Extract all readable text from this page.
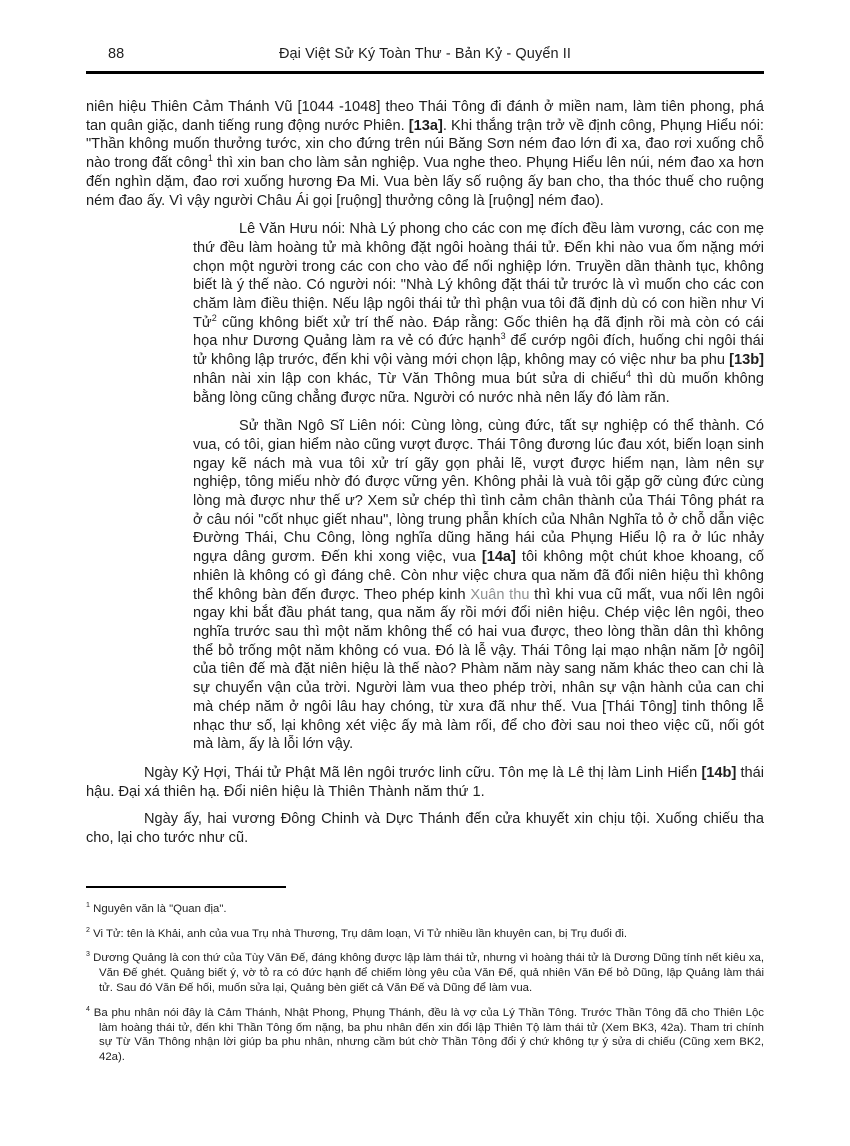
88	Đại Việt Sử Ký Toàn Thư - Bản Kỷ - Quyển II

niên hiệu Thiên Cảm Thánh Vũ [1044 -1048] theo Thái Tông đi đánh ở miền nam, làm tiên phong, phá tan quân giặc, danh tiếng rung động nước Phiên. [13a]. Khi thắng trận trở về định công, Phụng Hiểu nói: "Thần không muốn thưởng tước, xin cho đứng trên núi Băng Sơn ném đao lớn đi xa, đao rơi xuống chỗ nào trong đất công$^1$ thì xin ban cho làm sản nghiệp. Vua nghe theo. Phụng Hiểu lên núi, ném đao xa hơn đến nghìn dặm, đao rơi xuống hương Đa Mi. Vua bèn lấy số ruộng ấy ban cho, tha thóc thuế cho ruộng ném đao ấy. Vì vậy người Châu Ái gọi [ruộng] thưởng công là [ruộng] ném đao).

Lê Văn Hưu nói: Nhà Lý phong cho các con mẹ đích đều làm vương, các con mẹ thứ đều làm hoàng tử mà không đặt ngôi hoàng thái tử. Đến khi nào vua ốm nặng mới chọn một người trong các con cho vào để nối nghiệp lớn. Truyền dần thành tục, không biết là ý thế nào. Có người nói: "Nhà Lý không đặt thái tử trước là vì muốn cho các con chăm làm điều thiện. Nếu lập ngôi thái tử thì phận vua tôi đã định dù có con hiền như Vi Tử$^2$ cũng không biết xử trí thế nào. Đáp rằng: Gốc thiên hạ đã định rồi mà còn có cái họa như Dương Quảng làm ra vẻ có đức hạnh$^3$ để cướp ngôi đích, huống chi ngôi thái tử không lập trước, đến khi vội vàng mới chọn lập, không may có việc như ba phu [13b] nhân nài xin lập con khác, Từ Văn Thông mua bút sửa di chiếu$^4$ thì dù muốn không bằng lòng cũng chẳng được nữa. Người có nước nhà nên lấy đó làm răn.

Sử thần Ngô Sĩ Liên nói: Cùng lòng, cùng đức, tất sự nghiệp có thể thành. Có vua, có tôi, gian hiểm nào cũng vượt được. Thái Tông đương lúc đau xót, biến loạn sinh ngay kẽ nách mà vua tôi xử trí gãy gọn phải lẽ, vượt được hiểm nạn, làm nên sự nghiệp, tông miếu nhờ đó được vững yên. Không phải là vuà tôi gặp gỡ cùng đức cùng lòng mà được như thế ư? Xem sử chép thì tình cảm chân thành của Thái Tông phát ra ở câu nói "cốt nhục giết nhau", lòng trung phẫn khích của Nhân Nghĩa tỏ ở chỗ dẫn việc Đường Thái, Chu Công, lòng nghĩa dũng hăng hái của Phụng Hiểu lộ ra ở lúc nhảy ngựa dâng gươm. Đến khi xong việc, vua [14a] tôi không một chút khoe khoang, cố nhiên là không có gì đáng chê. Còn như việc chưa qua năm đã đổi niên hiệu thì không thể không bàn đến được. Theo phép kinh Xuân thu thì khi vua cũ mất, vua nối lên ngôi ngay khi bắt đầu phát tang, qua năm ấy rồi mới đổi niên hiệu. Chép việc lên ngôi, theo nghĩa trước sau thì một năm không thể có hai vua được, theo lòng thần dân thì không thể bỏ trống một năm không có vua. Đó là lễ vậy. Thái Tông lại mạo nhận năm [ở ngôi] của tiên đế mà đặt niên hiệu là thế nào? Phàm năm này sang năm khác theo can chi là sự chuyển vận của trời. Người làm vua theo phép trời, nhân sự vận hành của can chi mà chép năm ở ngôi lâu hay chóng, từ xưa đã như thế. Vua [Thái Tông] tinh thông lễ nhạc thư số, lại không xét việc ấy mà làm rối, để cho đời sau noi theo việc cũ, nối gót mà làm, ấy là lỗi lớn vậy.

Ngày Kỷ Hợi, Thái tử Phật Mã lên ngôi trước linh cữu. Tôn mẹ là Lê thị làm Linh Hiển [14b] thái hậu. Đại xá thiên hạ. Đổi niên hiệu là Thiên Thành năm thứ 1.

Ngày ấy, hai vương Đông Chinh và Dực Thánh đến cửa khuyết xin chịu tội. Xuống chiếu tha cho, lại cho tước như cũ.

$^1$ Nguyên văn là "Quan địa".

$^2$ Vi Tử: tên là Khải, anh của vua Trụ nhà Thương, Trụ dâm loạn, Vi Tử nhiều lần khuyên can, bị Trụ đuổi đi.

$^3$ Dương Quảng là con thứ của Tùy Văn Đế, đáng không được lập làm thái tử, nhưng vì hoàng thái tử là Dương Dũng tính nết kiêu xa, Văn Đế ghét. Quảng biết ý, vờ tỏ ra có đức hạnh để chiếm lòng yêu của Văn Đế, quả nhiên Văn Đế bỏ Dũng, lập Quảng làm thái tử. Sau đó Văn Đế hối, muốn sửa lại, Quảng bèn giết cả Văn Đế và Dũng để làm vua.

$^4$ Ba phu nhân nói đây là Cảm Thánh, Nhật Phong, Phụng Thánh, đều là vợ của Lý Thần Tông. Trước Thần Tông đã cho Thiên Lộc làm hoàng thái tử, đến khi Thần Tông ốm nặng, ba phu nhân đến xin đổi lập Thiên Tộ làm thái tử (Xem BK3, 42a). Tham tri chính sự Từ Văn Thông nhận lời giúp ba phu nhân, nhưng cầm bút chờ Thần Tông đổi ý chứ không tự ý sửa di chiếu (Cũng xem BK2, 42a).
